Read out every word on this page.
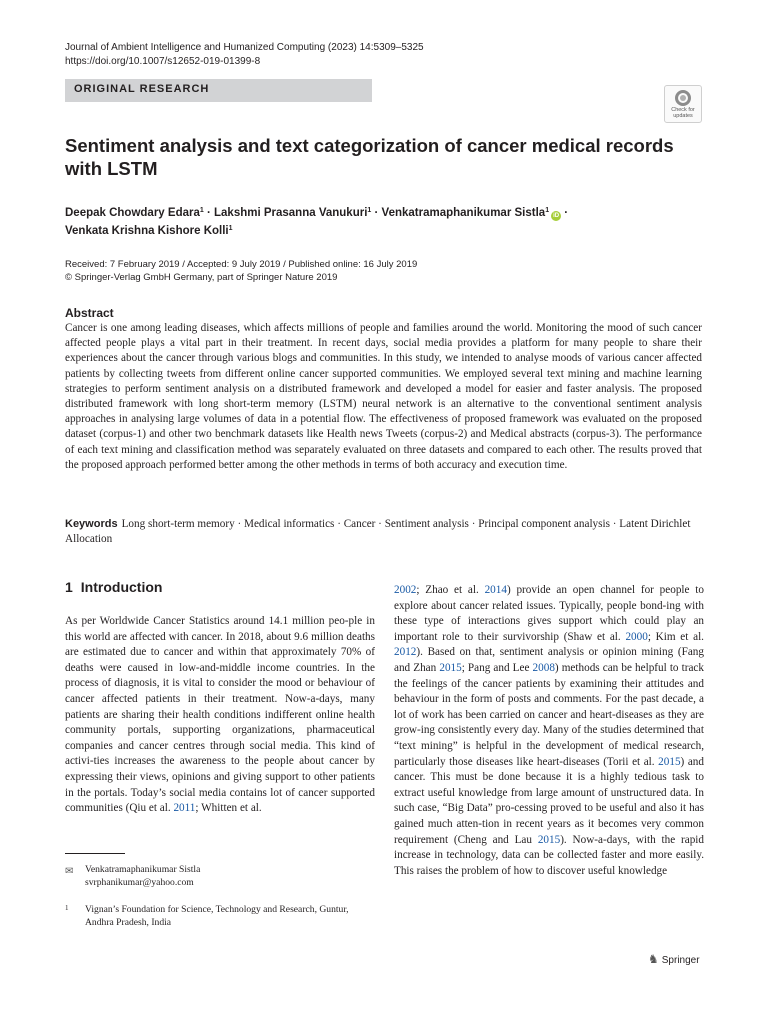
Journal of Ambient Intelligence and Humanized Computing (2023) 14:5309–5325
https://doi.org/10.1007/s12652-019-01399-8
ORIGINAL RESEARCH
Check for
updates
Sentiment analysis and text categorization of cancer medical records with LSTM
Deepak Chowdary Edara$^1$ · Lakshmi Prasanna Vanukuri$^1$ · Venkatramaphanikumar Sistla$^1$iD ·
Venkata Krishna Kishore Kolli$^1$
Received: 7 February 2019 / Accepted: 9 July 2019 / Published online: 16 July 2019
© Springer-Verlag GmbH Germany, part of Springer Nature 2019
Abstract
Cancer is one among leading diseases, which affects millions of people and families around the world. Monitoring the mood of such cancer affected people plays a vital part in their treatment. In recent days, social media provides a platform for many people to share their experiences about the cancer through various blogs and communities. In this study, we intended to analyse moods of various cancer affected patients by collecting tweets from different online cancer supported communities. We employed several text mining and machine learning strategies to perform sentiment analysis on a distributed framework and developed a model for easier and faster analysis. The proposed distributed framework with long short-term memory (LSTM) neural network is an alternative to the conventional sentiment analysis approaches in analysing large volumes of data in a potential flow. The effectiveness of proposed framework was evaluated on the proposed dataset (corpus-1) and other two benchmark datasets like Health news Tweets (corpus-2) and Medical abstracts (corpus-3). The performance of each text mining and classification method was separately evaluated on three datasets and compared to each other. The results proved that the proposed approach performed better among the other methods in terms of both accuracy and execution time.
Keywords Long short-term memory · Medical informatics · Cancer · Sentiment analysis · Principal component analysis · Latent Dirichlet Allocation
1 Introduction

As per Worldwide Cancer Statistics around 14.1 million peo-ple in this world are affected with cancer. In 2018, about 9.6 million deaths are estimated due to cancer and within that approximately 70% of deaths were caused in low-and-middle income countries. In the process of diagnosis, it is vital to consider the mood or behaviour of cancer affected patients in their treatment. Now-a-days, many patients are sharing their health conditions indifferent online health community portals, supporting organizations, pharmaceutical companies and cancer centres through social media. This kind of activi-ties increases the awareness to the people about cancer by expressing their views, opinions and giving support to other patients in the portals. Today’s social media contains lot of cancer supported communities (Qiu et al. 2011; Whitten et al.

2002; Zhao et al. 2014) provide an open channel for people to explore about cancer related issues. Typically, people bond-ing with these type of interactions gives support which could play an important role to their survivorship (Shaw et al. 2000; Kim et al. 2012). Based on that, sentiment analysis or opinion mining (Fang and Zhan 2015; Pang and Lee 2008) methods can be helpful to track the feelings of the cancer patients by examining their attitudes and behaviour in the form of posts and comments. For the past decade, a lot of work has been carried on cancer and heart-diseases as they are grow-ing consistently every day. Many of the studies determined that “text mining” is helpful in the development of medical research, particularly those diseases like heart-diseases (Torii et al. 2015) and cancer. This must be done because it is a highly tedious task to extract useful knowledge from large amount of unstructured data. In such case, “Big Data” pro-cessing proved to be useful and also it has gained much atten-tion in recent years as it becomes very common requirement (Cheng and Lau 2015). Now-a-days, with the rapid increase in technology, data can be collected faster and more easily. This raises the problem of how to discover useful knowledge

✉ Venkatramaphanikumar Sistla
svrphanikumar@yahoo.com
1 Vignan’s Foundation for Science, Technology and Research, Guntur, Andhra Pradesh, India
♞ Springer
